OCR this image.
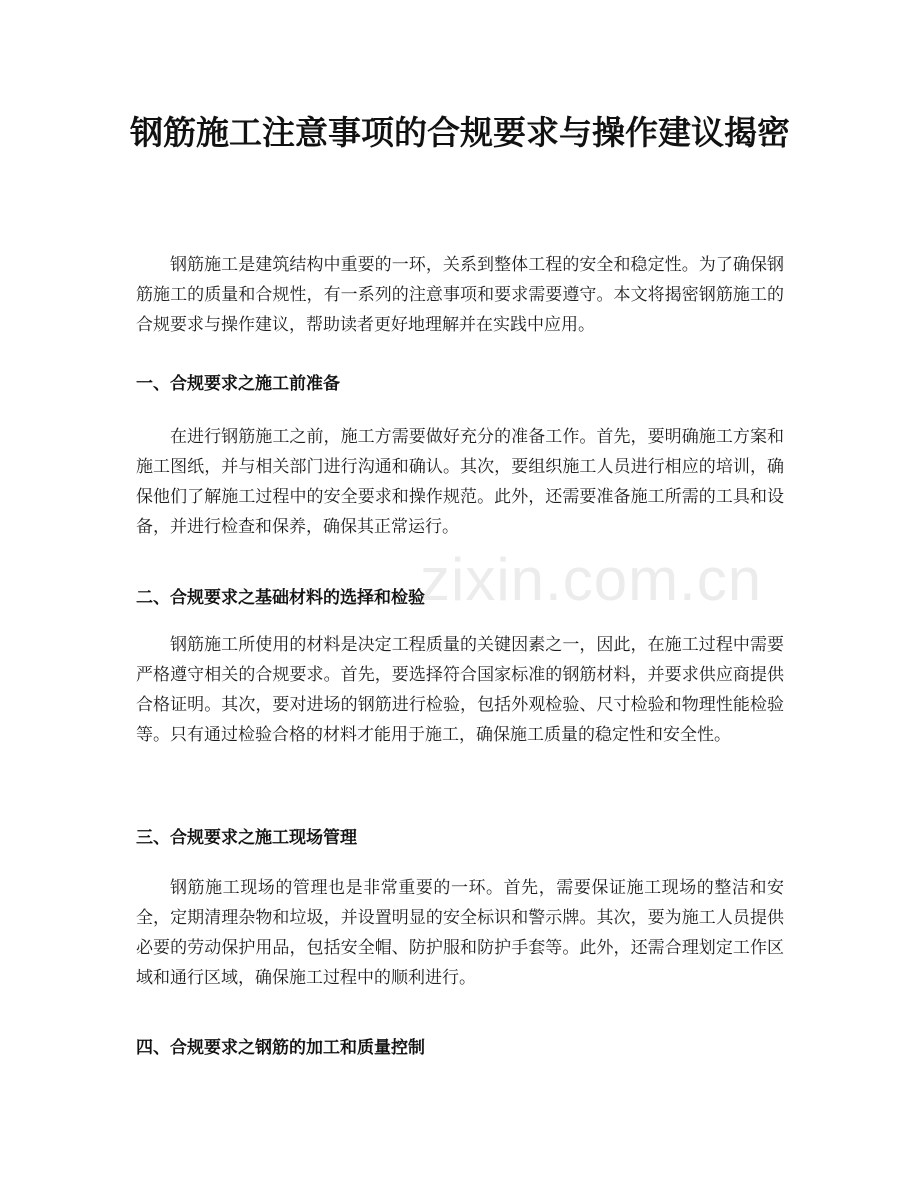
zixin.com.cn
钢筋施工注意事项的合规要求与操作建议揭密

钢筋施工是建筑结构中重要的一环，关系到整体工程的安全和稳定性。为了确保钢筋施工的质量和合规性，有一系列的注意事项和要求需要遵守。本文将揭密钢筋施工的合规要求与操作建议，帮助读者更好地理解并在实践中应用。

一、合规要求之施工前准备

在进行钢筋施工之前，施工方需要做好充分的准备工作。首先，要明确施工方案和施工图纸，并与相关部门进行沟通和确认。其次，要组织施工人员进行相应的培训，确保他们了解施工过程中的安全要求和操作规范。此外，还需要准备施工所需的工具和设备，并进行检查和保养，确保其正常运行。

二、合规要求之基础材料的选择和检验

钢筋施工所使用的材料是决定工程质量的关键因素之一，因此，在施工过程中需要严格遵守相关的合规要求。首先，要选择符合国家标准的钢筋材料，并要求供应商提供合格证明。其次，要对进场的钢筋进行检验，包括外观检验、尺寸检验和物理性能检验等。只有通过检验合格的材料才能用于施工，确保施工质量的稳定性和安全性。

三、合规要求之施工现场管理

钢筋施工现场的管理也是非常重要的一环。首先，需要保证施工现场的整洁和安全，定期清理杂物和垃圾，并设置明显的安全标识和警示牌。其次，要为施工人员提供必要的劳动保护用品，包括安全帽、防护服和防护手套等。此外，还需合理划定工作区域和通行区域，确保施工过程中的顺利进行。

四、合规要求之钢筋的加工和质量控制
